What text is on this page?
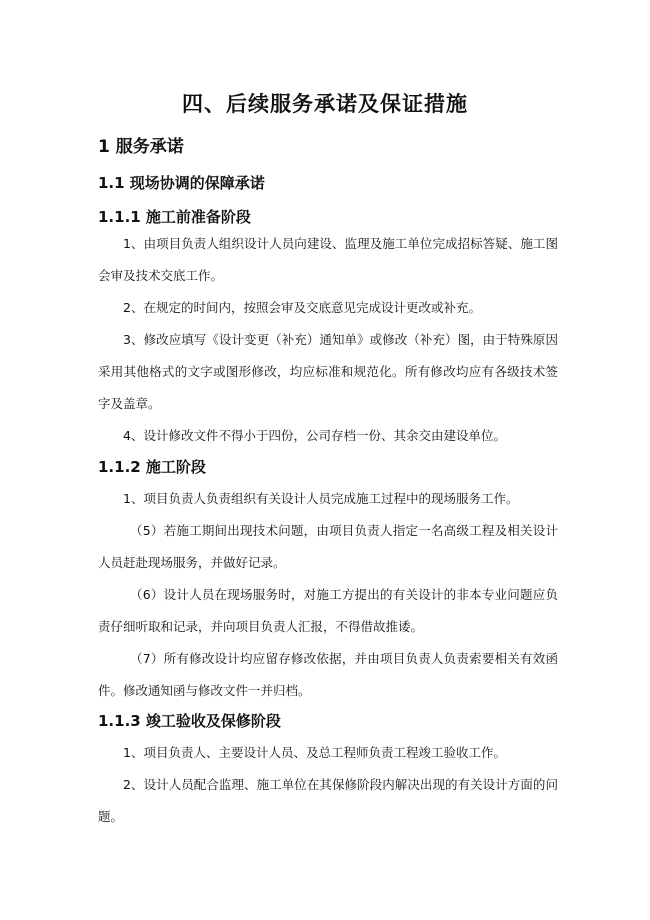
四、后续服务承诺及保证措施
1 服务承诺
1.1 现场协调的保障承诺
1.1.1 施工前准备阶段
1、由项目负责人组织设计人员向建设、监理及施工单位完成招标答疑、施工图会审及技术交底工作。
2、在规定的时间内，按照会审及交底意见完成设计更改或补充。
3、修改应填写《设计变更（补充）通知单》或修改（补充）图，由于特殊原因采用其他格式的文字或图形修改，均应标准和规范化。所有修改均应有各级技术签字及盖章。
4、设计修改文件不得小于四份，公司存档一份、其余交由建设单位。
1.1.2 施工阶段
1、项目负责人负责组织有关设计人员完成施工过程中的现场服务工作。
（5）若施工期间出现技术问题，由项目负责人指定一名高级工程及相关设计人员赶赴现场服务，并做好记录。
（6）设计人员在现场服务时，对施工方提出的有关设计的非本专业问题应负责仔细听取和记录，并向项目负责人汇报，不得借故推诿。
（7）所有修改设计均应留存修改依据，并由项目负责人负责索要相关有效函件。修改通知函与修改文件一并归档。
1.1.3 竣工验收及保修阶段
1、项目负责人、主要设计人员、及总工程师负责工程竣工验收工作。
2、设计人员配合监理、施工单位在其保修阶段内解决出现的有关设计方面的问题。
